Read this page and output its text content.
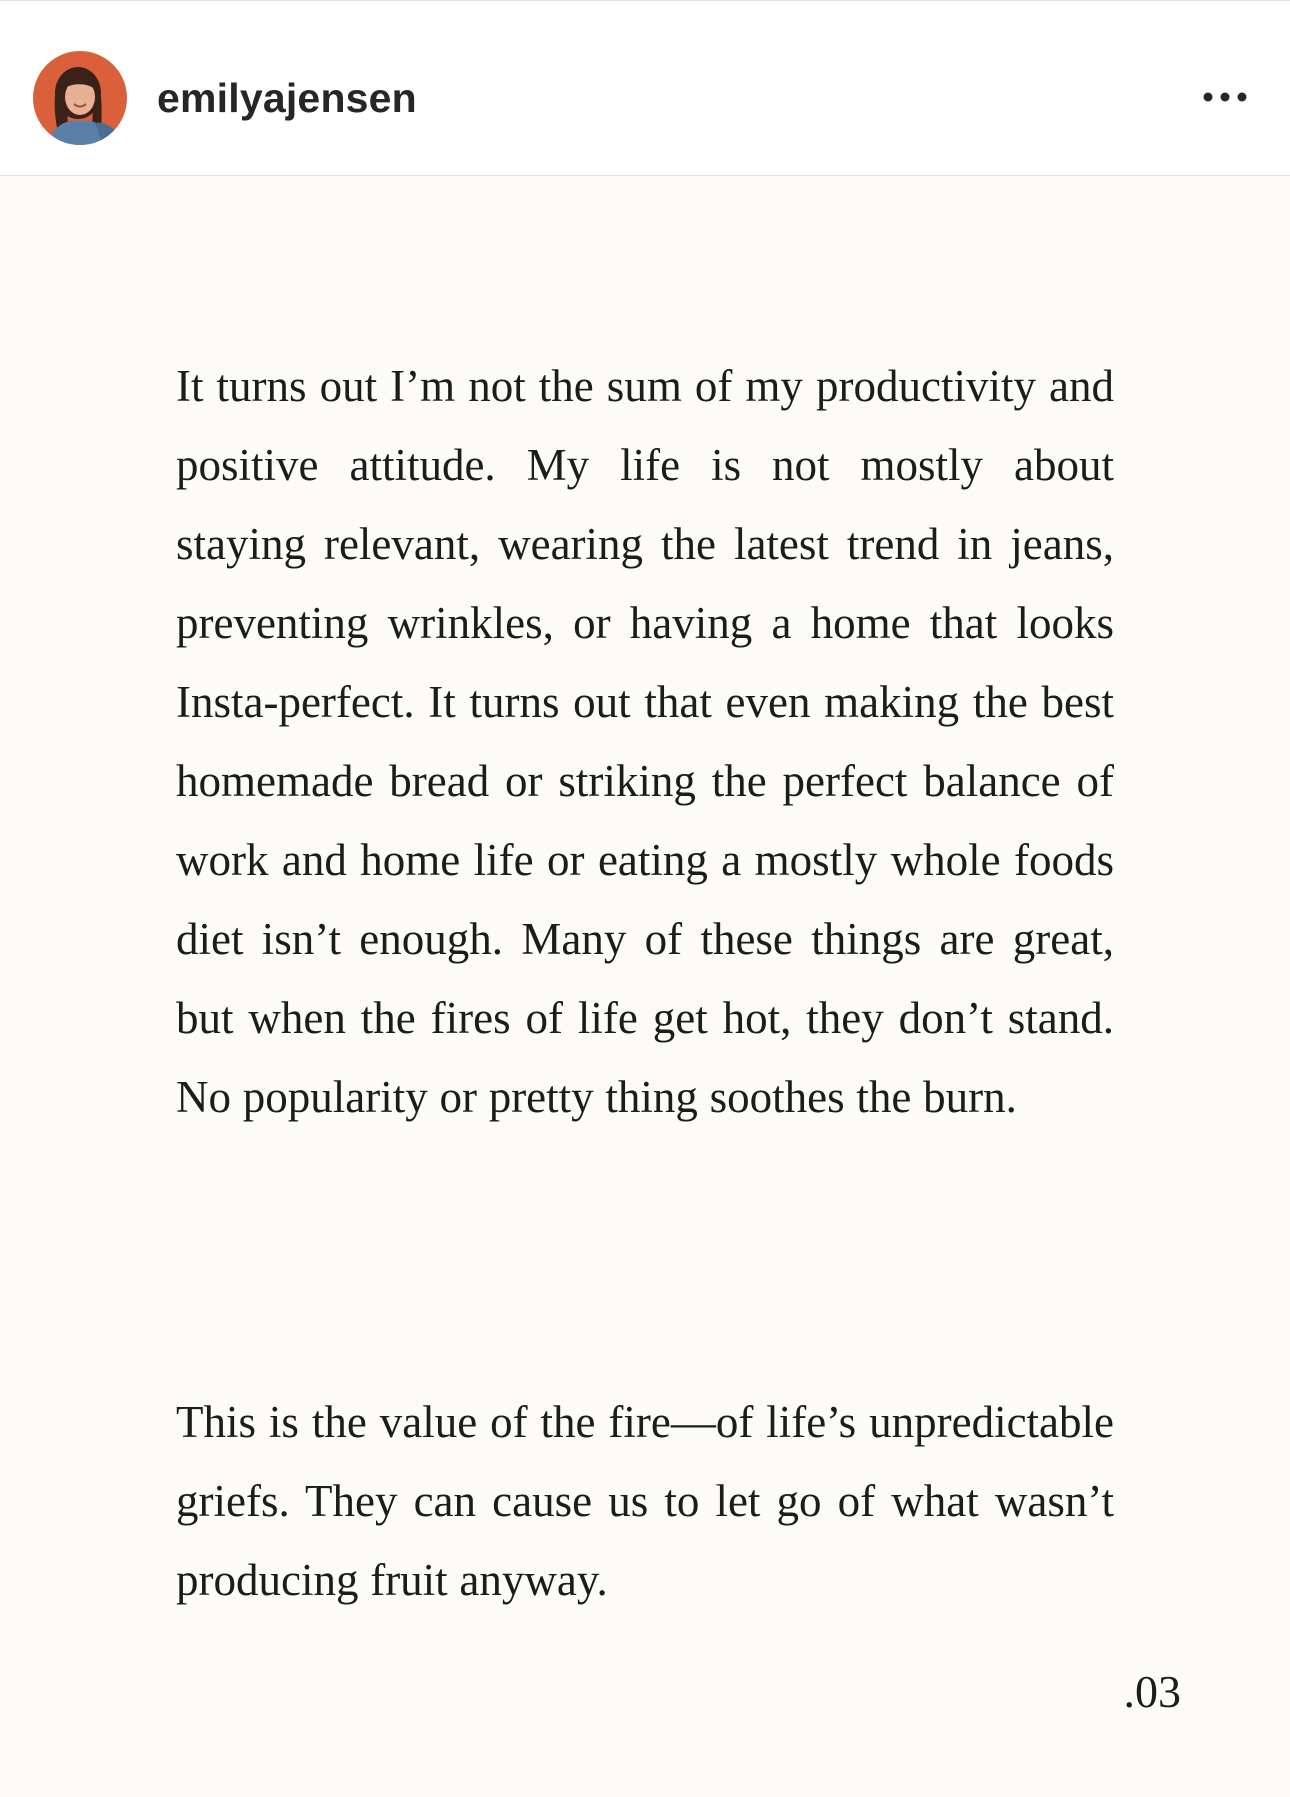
emilyajensen

It turns out I’m not the sum of my productivity and positive attitude. My life is not mostly about staying relevant, wearing the latest trend in jeans, preventing wrinkles, or having a home that looks Insta-perfect. It turns out that even making the best homemade bread or striking the perfect balance of work and home life or eating a mostly whole foods diet isn’t enough. Many of these things are great, but when the fires of life get hot, they don’t stand. No popularity or pretty thing soothes the burn.

This is the value of the fire—of life’s unpredictable griefs. They can cause us to let go of what wasn’t producing fruit anyway.

.03
